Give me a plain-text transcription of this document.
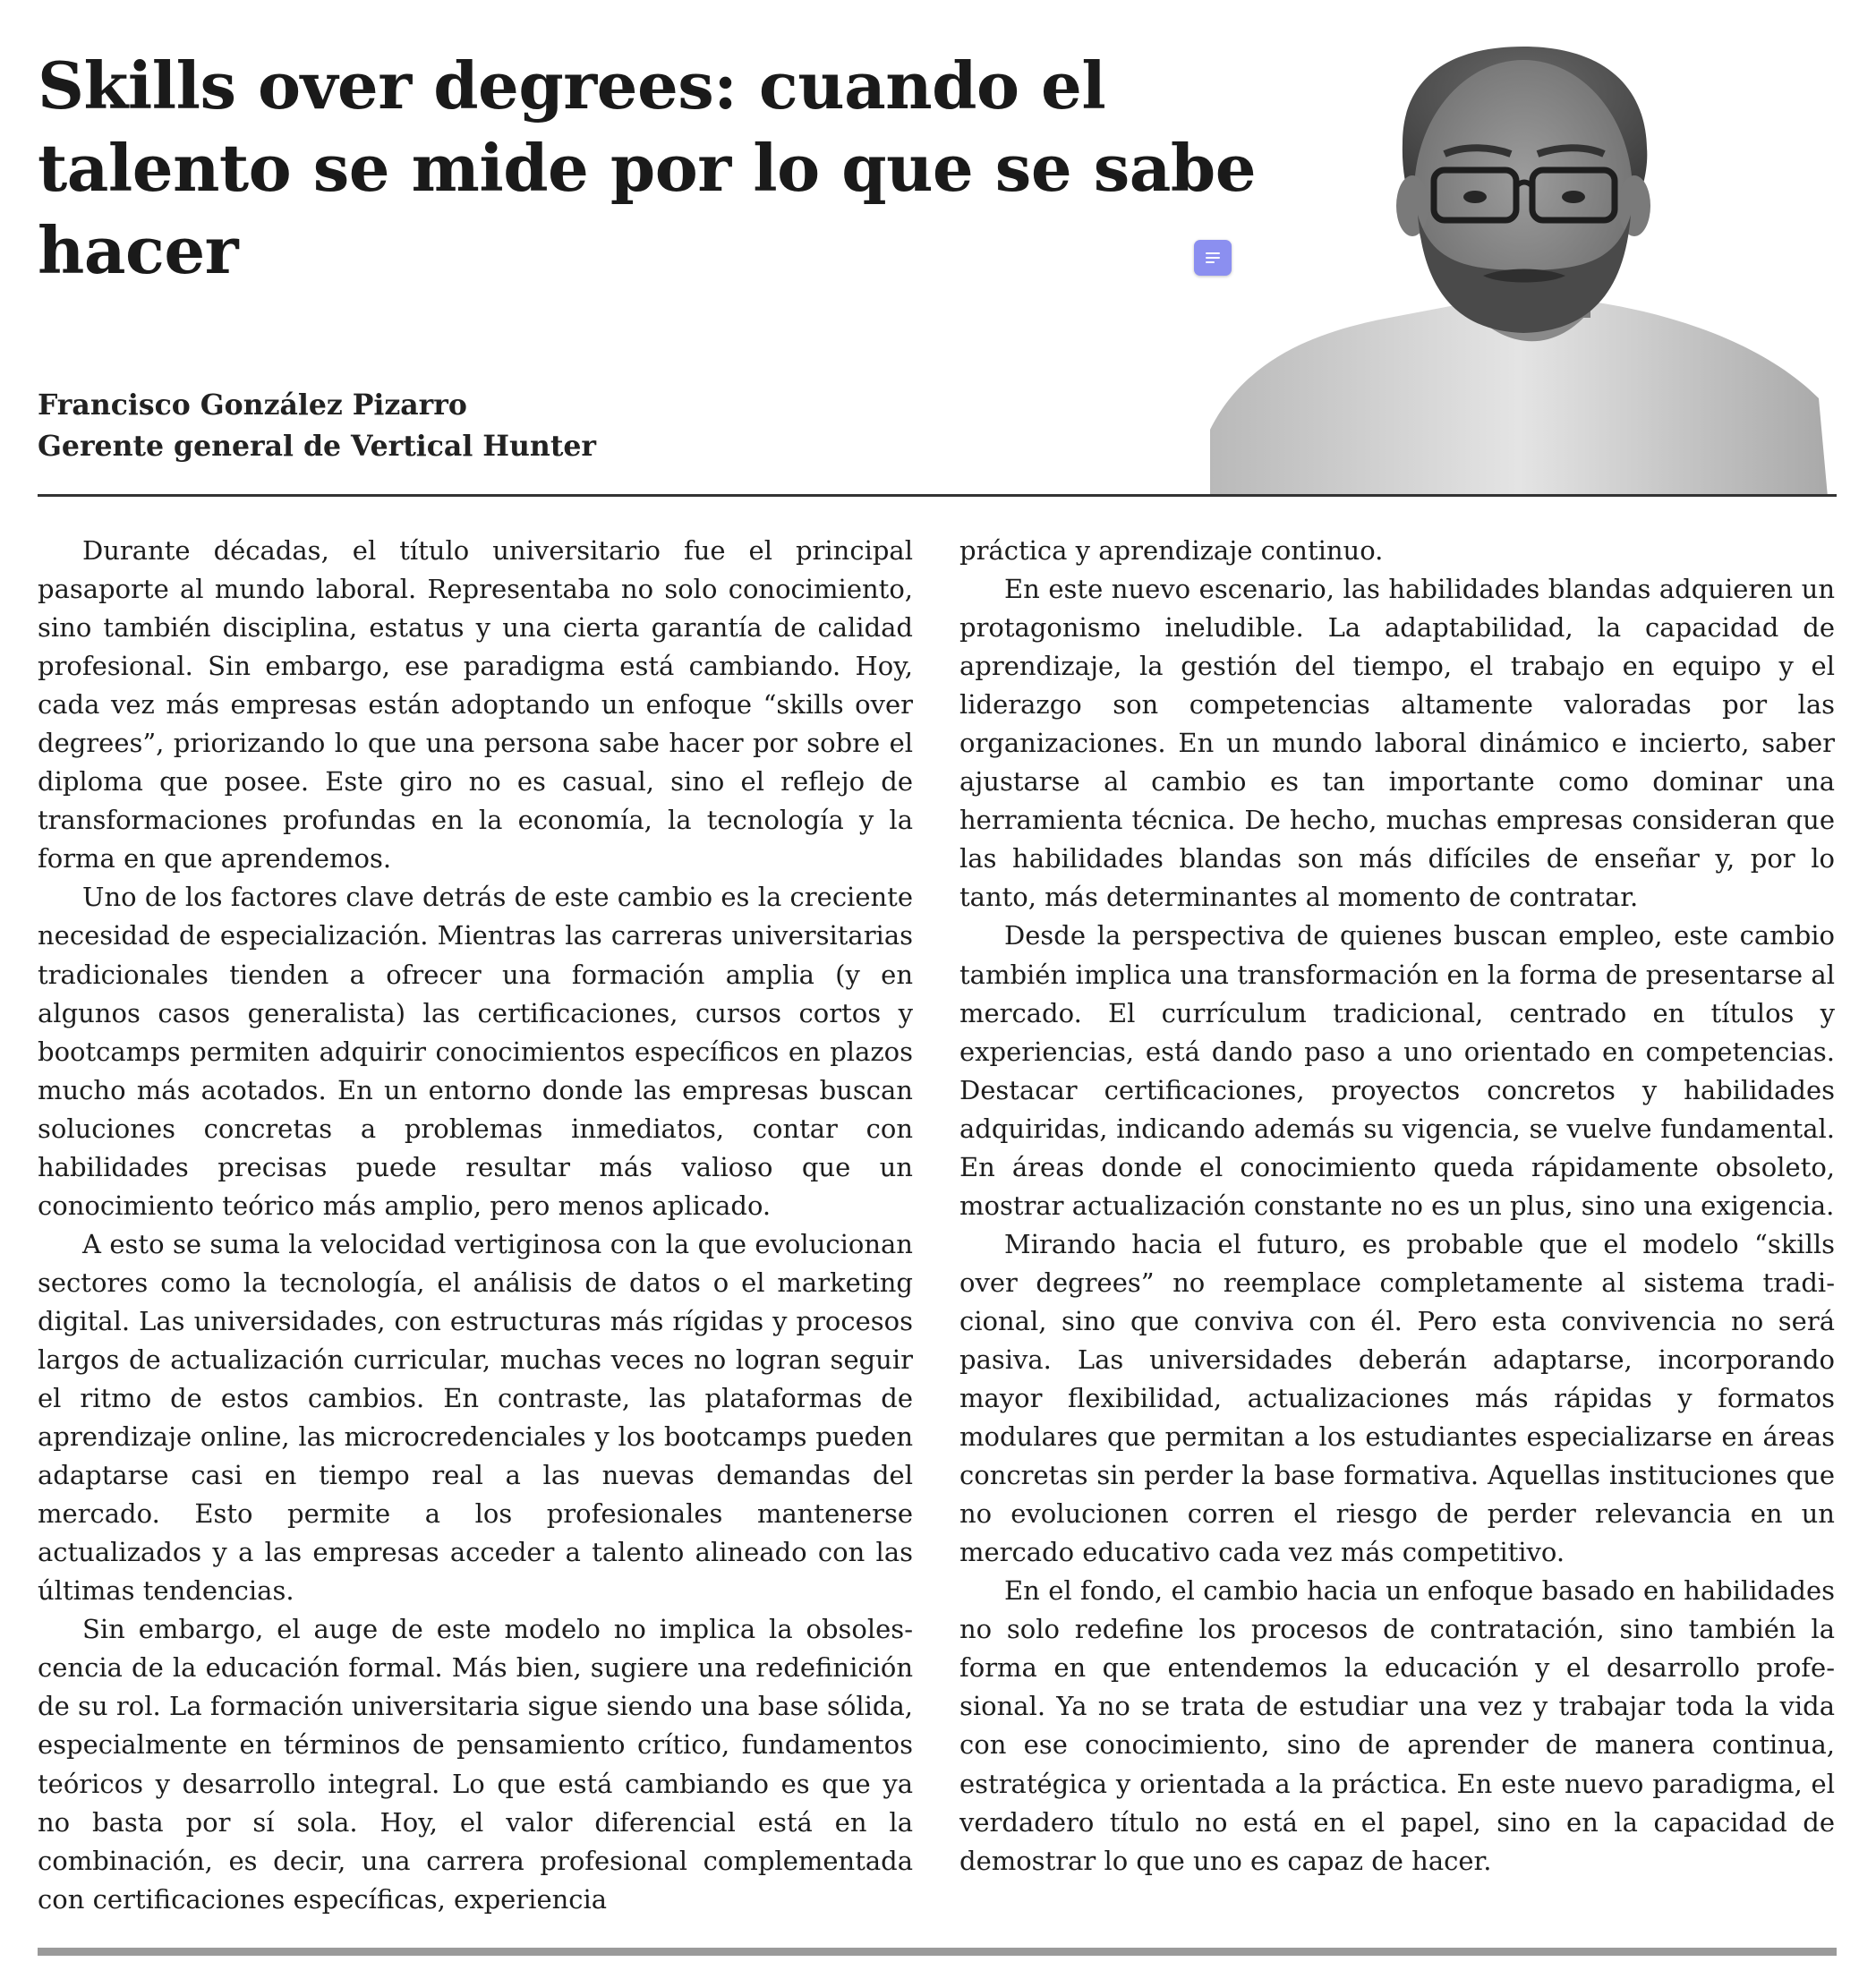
Skills over degrees: cuando el talento se mide por lo que se sabe hacer
Francisco González Pizarro
Gerente general de Vertical Hunter

Durante décadas, el título universitario fue el principal pasaporte al mundo laboral. Representaba no solo conocimiento, sino también disciplina, estatus y una cierta garantía de calidad profesional. Sin embargo, ese paradigma está cambiando. Hoy, cada vez más empresas están adoptando un enfoque “skills over degrees”, priorizando lo que una persona sabe hacer por sobre el diploma que posee. Este giro no es casual, sino el reflejo de transformaciones profundas en la economía, la tecnología y la forma en que aprendemos.

Uno de los factores clave detrás de este cambio es la creciente necesidad de especialización. Mientras las carreras universitarias tradicionales tienden a ofrecer una formación amplia (y en algunos casos generalista) las certificaciones, cursos cortos y bootcamps permiten adquirir conocimientos específicos en plazos mucho más acotados. En un entorno donde las empresas buscan soluciones concretas a problemas inmediatos, contar con habilidades precisas puede resultar más valioso que un conocimiento teórico más amplio, pero menos aplicado.

A esto se suma la velocidad vertiginosa con la que evolucionan sectores como la tecnología, el análisis de datos o el marketing digital. Las universidades, con estructuras más rígidas y procesos largos de actualización curricular, muchas veces no logran seguir el ritmo de estos cambios. En contraste, las plataformas de aprendizaje online, las microcredenciales y los bootcamps pueden adaptarse casi en tiempo real a las nuevas demandas del mercado. Esto permite a los profesionales mantenerse actualizados y a las empresas acceder a talento alineado con las últimas tendencias.

Sin embargo, el auge de este modelo no implica la obsolescencia de la educación formal. Más bien, sugiere una redefinición de su rol. La formación universitaria sigue siendo una base sólida, especialmente en términos de pensamiento crítico, fundamentos teóricos y desarrollo integral. Lo que está cambiando es que ya no basta por sí sola. Hoy, el valor diferencial está en la combinación, es decir, una carrera profesional complementada con certificaciones específicas, experiencia

práctica y aprendizaje continuo.

En este nuevo escenario, las habilidades blandas adquieren un protagonismo ineludible. La adaptabilidad, la capacidad de aprendizaje, la gestión del tiempo, el trabajo en equipo y el liderazgo son competencias altamente valoradas por las organizaciones. En un mundo laboral dinámico e incierto, saber ajustarse al cambio es tan importante como dominar una herramienta técnica. De hecho, muchas empresas consideran que las habilidades blandas son más difíciles de enseñar y, por lo tanto, más determinantes al momento de contratar.

Desde la perspectiva de quienes buscan empleo, este cambio también implica una transformación en la forma de presentarse al mercado. El currículum tradicional, centrado en títulos y experiencias, está dando paso a uno orientado en competencias. Destacar certificaciones, proyectos concretos y habilidades adquiridas, indicando además su vigencia, se vuelve fundamental. En áreas donde el conocimiento queda rápidamente obsoleto, mostrar actualización constante no es un plus, sino una exigencia.

Mirando hacia el futuro, es probable que el modelo “skills over degrees” no reemplace completamente al sistema tradicional, sino que conviva con él. Pero esta convivencia no será pasiva. Las universidades deberán adaptarse, incorporando mayor flexibilidad, actualizaciones más rápidas y formatos modulares que permitan a los estudiantes especializarse en áreas concretas sin perder la base formativa. Aquellas instituciones que no evolucionen corren el riesgo de perder relevancia en un mercado educativo cada vez más competitivo.

En el fondo, el cambio hacia un enfoque basado en habilidades no solo redefine los procesos de contratación, sino también la forma en que entendemos la educación y el desarrollo profesional. Ya no se trata de estudiar una vez y trabajar toda la vida con ese conocimiento, sino de aprender de manera continua, estratégica y orientada a la práctica. En este nuevo paradigma, el verdadero título no está en el papel, sino en la capacidad de demostrar lo que uno es capaz de hacer.
